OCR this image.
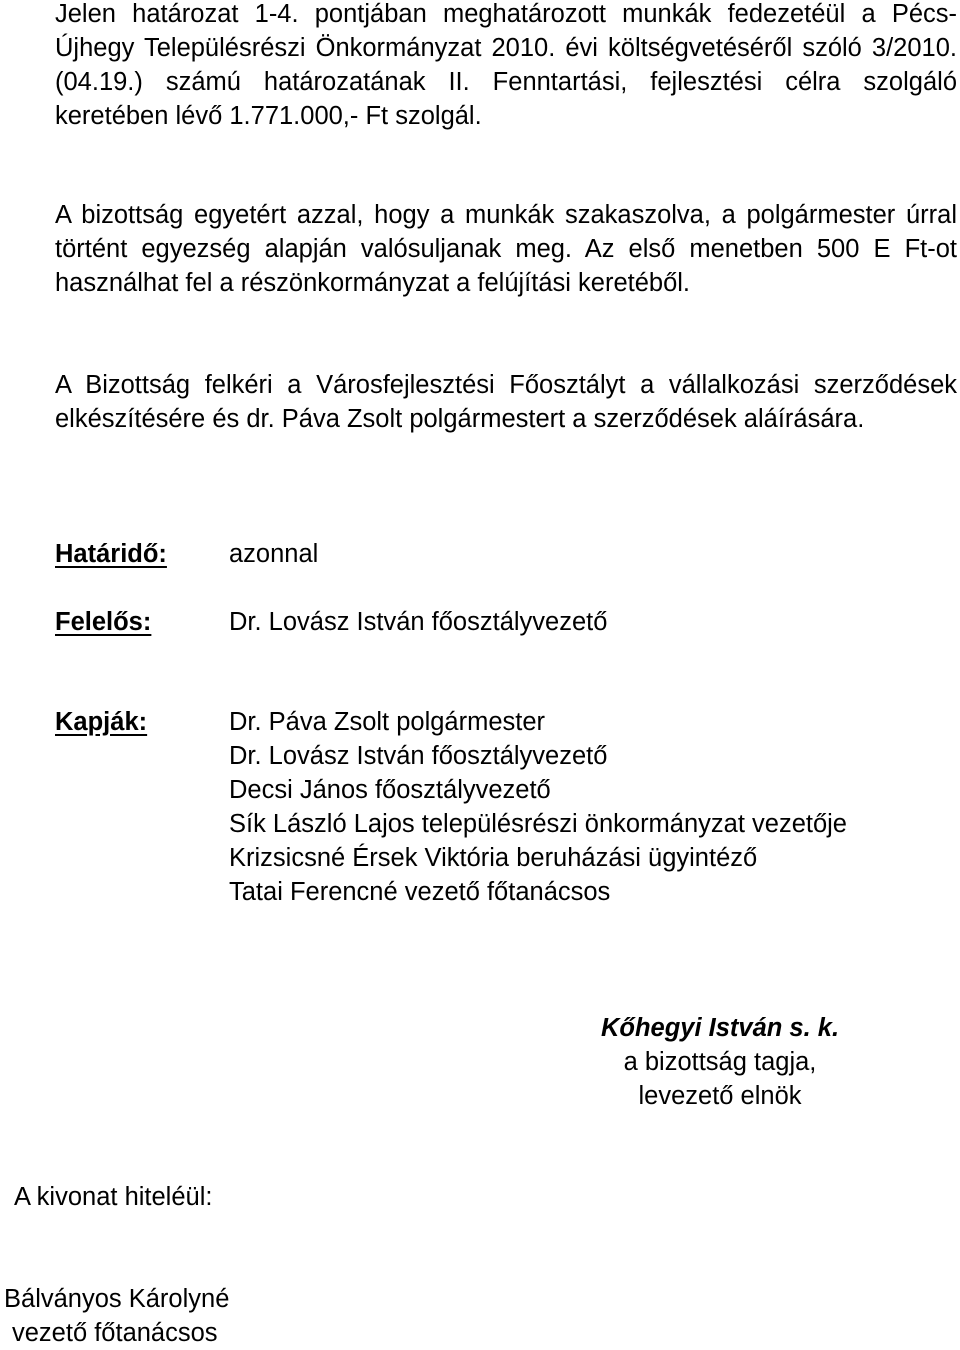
Jelen határozat 1-4. pontjában meghatározott munkák fedezetéül a Pécs-Újhegy Településrészi Önkormányzat 2010. évi költségvetéséről szóló 3/2010. (04.19.) számú határozatának II. Fenntartási, fejlesztési célra szolgáló keretében lévő 1.771.000,- Ft szolgál.

A bizottság egyetért azzal, hogy a munkák szakaszolva, a polgármester úrral történt egyezség alapján valósuljanak meg. Az első menetben 500 E Ft-ot használhat fel a részönkormányzat a felújítási keretéből.

A Bizottság felkéri a Városfejlesztési Főosztályt a vállalkozási szerződések elkészítésére és dr. Páva Zsolt polgármestert a szerződések aláírására.

Határidő: azonnal
Felelős:	Dr. Lovász István főosztályvezető
Kapják:	Dr. Páva Zsolt polgármester
Dr. Lovász István főosztályvezető
Decsi János főosztályvezető
Sík László Lajos településrészi önkormányzat vezetője
Krizsicsné Érsek Viktória beruházási ügyintéző
Tatai Ferencné vezető főtanácsos
Kőhegyi István s. k.
a bizottság tagja,
levezető elnök
A kivonat hiteléül:
Bálványos Károlyné
vezető főtanácsos
